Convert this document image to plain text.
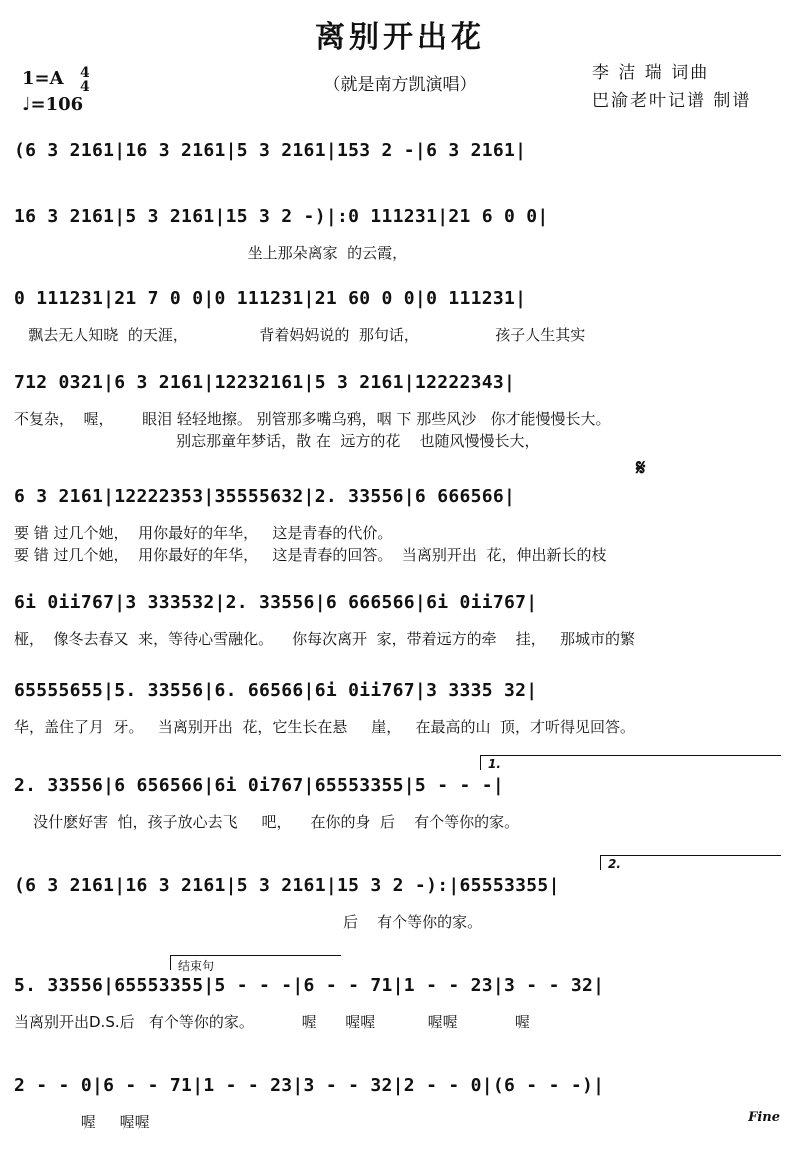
离别开出花
（就是南方凯演唱）
1=A 4
4
♩=106
李 洁 瑞 词曲
巴渝老叶记谱 制谱
𝄋
1.
2.
结束句
Fine
(6 3 2161|16 3 2161|5 3 2161|153 2 -|6 3 2161|
16 3 2161|5 3 2161|15 3 2 -)|:0 111231|21 6 0 0|
坐上那朵离家  的云霞，
0 111231|21 7 0 0|0 111231|21 60 0 0|0 111231|
飘去无人知晓  的天涯，               背着妈妈说的  那句话，                孩子人生其实
712 0321|6 3 2161|12232161|5 3 2161|12222343|
不复杂，  喔，      眼泪 轻轻地擦。 别管那多嘴乌鸦，咽 下 那些风沙   你才能慢慢长大。
别忘那童年梦话，散 在  远方的花    也随风慢慢长大，
6 3 2161|12222353|35555632|2. 33556|6 666566|
要 错 过几个她，  用你最好的年华，   这是青春的代价。
要 错 过几个她，  用你最好的年华，   这是青春的回答。  当离别开出  花，伸出新长的枝
6i 0ii767|3 333532|2. 33556|6 666566|6i 0ii767|
桠，  像冬去春又  来，等待心雪融化。    你每次离开  家，带着远方的牵    挂，   那城市的繁
65555655|5. 33556|6. 66566|6i 0ii767|3 3335 32|
华，盖住了月  牙。   当离别开出  花，它生长在悬     崖，   在最高的山  顶，才听得见回答。
2. 33556|6 656566|6i 0i767|65553355|5 - - -|
没什麽好害  怕，孩子放心去飞     吧，    在你的身  后    有个等你的家。
(6 3 2161|16 3 2161|5 3 2161|15 3 2 -):|65553355|
后    有个等你的家。
5. 33556|65553355|5 - - -|6 - - 71|1 - - 23|3 - - 32|
当离别开出D.S.后   有个等你的家。          喔      喔喔           喔喔            喔
2 - - 0|6 - - 71|1 - - 23|3 - - 32|2 - - 0|(6 - - -)|
喔     喔喔
